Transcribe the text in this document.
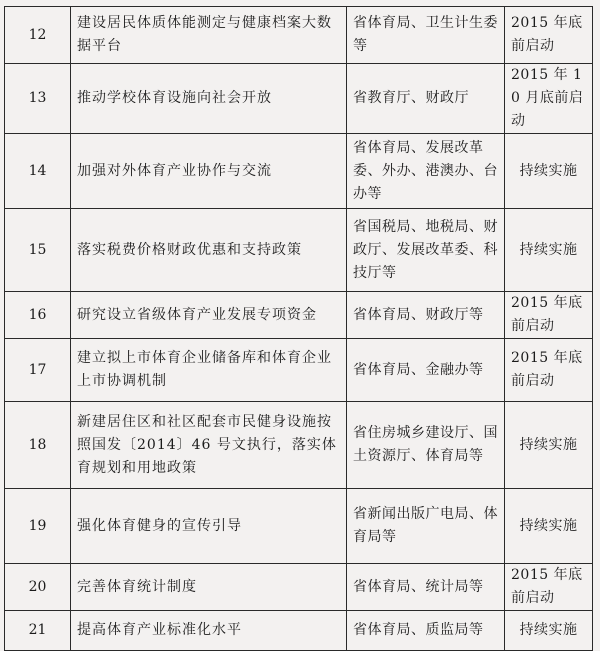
12	建设居民体质体能测定与健康档案大数据平台	省体育局、卫生计生委等	2015 年底前启动
13	推动学校体育设施向社会开放	省教育厅、财政厅	2015 年 10 月底前启动
14	加强对外体育产业协作与交流	省体育局、发展改革委、外办、港澳办、台办等	持续实施
15	落实税费价格财政优惠和支持政策	省国税局、地税局、财政厅、发展改革委、科技厅等	持续实施
16	研究设立省级体育产业发展专项资金	省体育局、财政厅等	2015 年底前启动
17	建立拟上市体育企业储备库和体育企业上市协调机制	省体育局、金融办等	2015 年底前启动
18	新建居住区和社区配套市民健身设施按照国发〔2014〕46 号文执行，落实体育规划和用地政策	省住房城乡建设厅、国土资源厅、体育局等	持续实施
19	强化体育健身的宣传引导	省新闻出版广电局、体育局等	持续实施
20	完善体育统计制度	省体育局、统计局等	2015 年底前启动
21	提高体育产业标准化水平	省体育局、质监局等	持续实施
